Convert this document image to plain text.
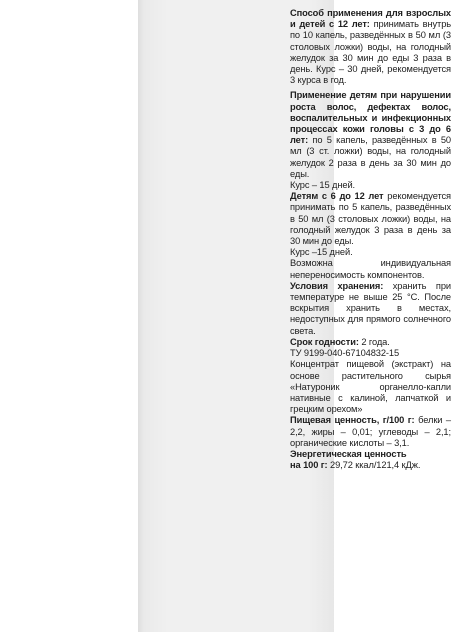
Способ применения для взрослых и детей с 12 лет: принимать внутрь по 10 капель, разведённых в 50 мл (3 столовых ложки) воды, на голодный желудок за 30 мин до еды 3 раза в день. Курс – 30 дней, рекомендуется 3 курса в год.

Применение детям при нарушении роста волос, дефектах волос, воспалительных и инфекционных процессах кожи головы с 3 до 6 лет: по 5 капель, разведённых в 50 мл (3 ст. ложки) воды, на голодный желудок 2 раза в день за 30 мин до еды.

Курс – 15 дней.

Детям с 6 до 12 лет рекомендуется принимать по 5 капель, разведённых в 50 мл (3 столовых ложки) воды, на голодный желудок 3 раза в день за 30 мин до еды.

Курс –15 дней.

Возможна индивидуальная непереносимость компонентов.

Условия хранения: хранить при температуре не выше 25 °С. После вскрытия хранить в местах, недоступных для прямого солнечного света.

Срок годности: 2 года.

ТУ 9199-040-67104832-15

Концентрат пищевой (экстракт) на основе растительного сырья «Натуроник органелло-капли нативные с калиной, лапчаткой и грецким орехом»

Пищевая ценность, г/100 г: белки – 2,2, жиры – 0,01; углеводы – 2,1; органические кислоты – 3,1.

Энергетическая ценность

на 100 г: 29,72 ккал/121,4 кДж.
